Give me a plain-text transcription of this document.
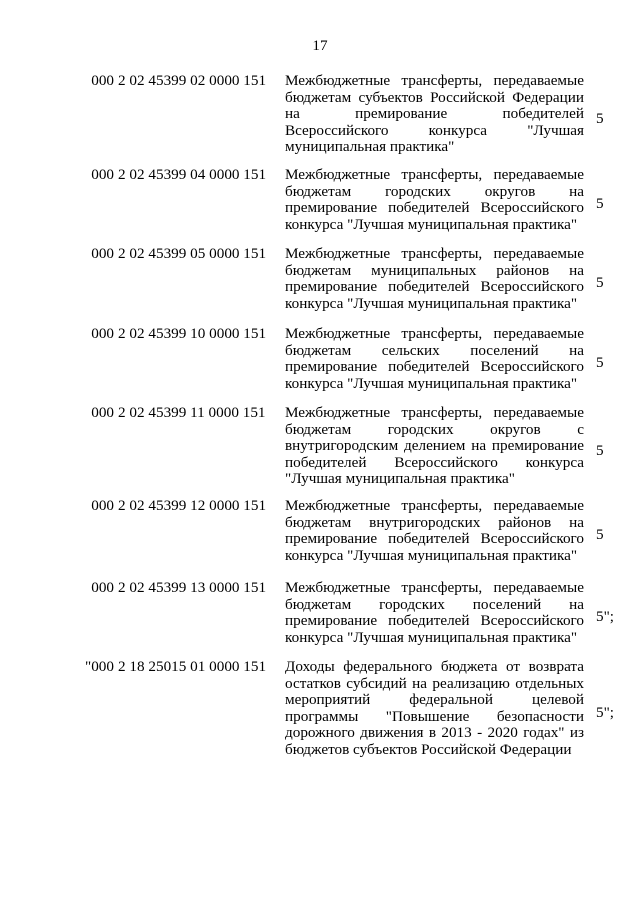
17
000 2 02 45399 02 0000 151 Межбюджетные трансферты, передаваемые
бюджетам субъектов Российской Федерации
на премирование победителей
Всероссийского конкурса "Лучшая
муниципальная практика"
5
000 2 02 45399 04 0000 151 Межбюджетные трансферты, передаваемые
бюджетам городских округов на
премирование победителей Всероссийского
конкурса "Лучшая муниципальная практика"
5
000 2 02 45399 05 0000 151 Межбюджетные трансферты, передаваемые
бюджетам муниципальных районов на
премирование победителей Всероссийского
конкурса "Лучшая муниципальная практика"
5
000 2 02 45399 10 0000 151 Межбюджетные трансферты, передаваемые
бюджетам сельских поселений на
премирование победителей Всероссийского
конкурса "Лучшая муниципальная практика"
5
000 2 02 45399 11 0000 151 Межбюджетные трансферты, передаваемые
бюджетам городских округов с
внутригородским делением на премирование
победителей Всероссийского конкурса
"Лучшая муниципальная практика"
5
000 2 02 45399 12 0000 151 Межбюджетные трансферты, передаваемые
бюджетам внутригородских районов на
премирование победителей Всероссийского
конкурса "Лучшая муниципальная практика"
5
000 2 02 45399 13 0000 151 Межбюджетные трансферты, передаваемые
бюджетам городских поселений на
премирование победителей Всероссийского
конкурса "Лучшая муниципальная практика"
5";
"000 2 18 25015 01 0000 151 Доходы федерального бюджета от возврата
остатков субсидий на реализацию отдельных
мероприятий федеральной целевой
программы "Повышение безопасности
дорожного движения в 2013 - 2020 годах" из
бюджетов субъектов Российской Федерации
5";
